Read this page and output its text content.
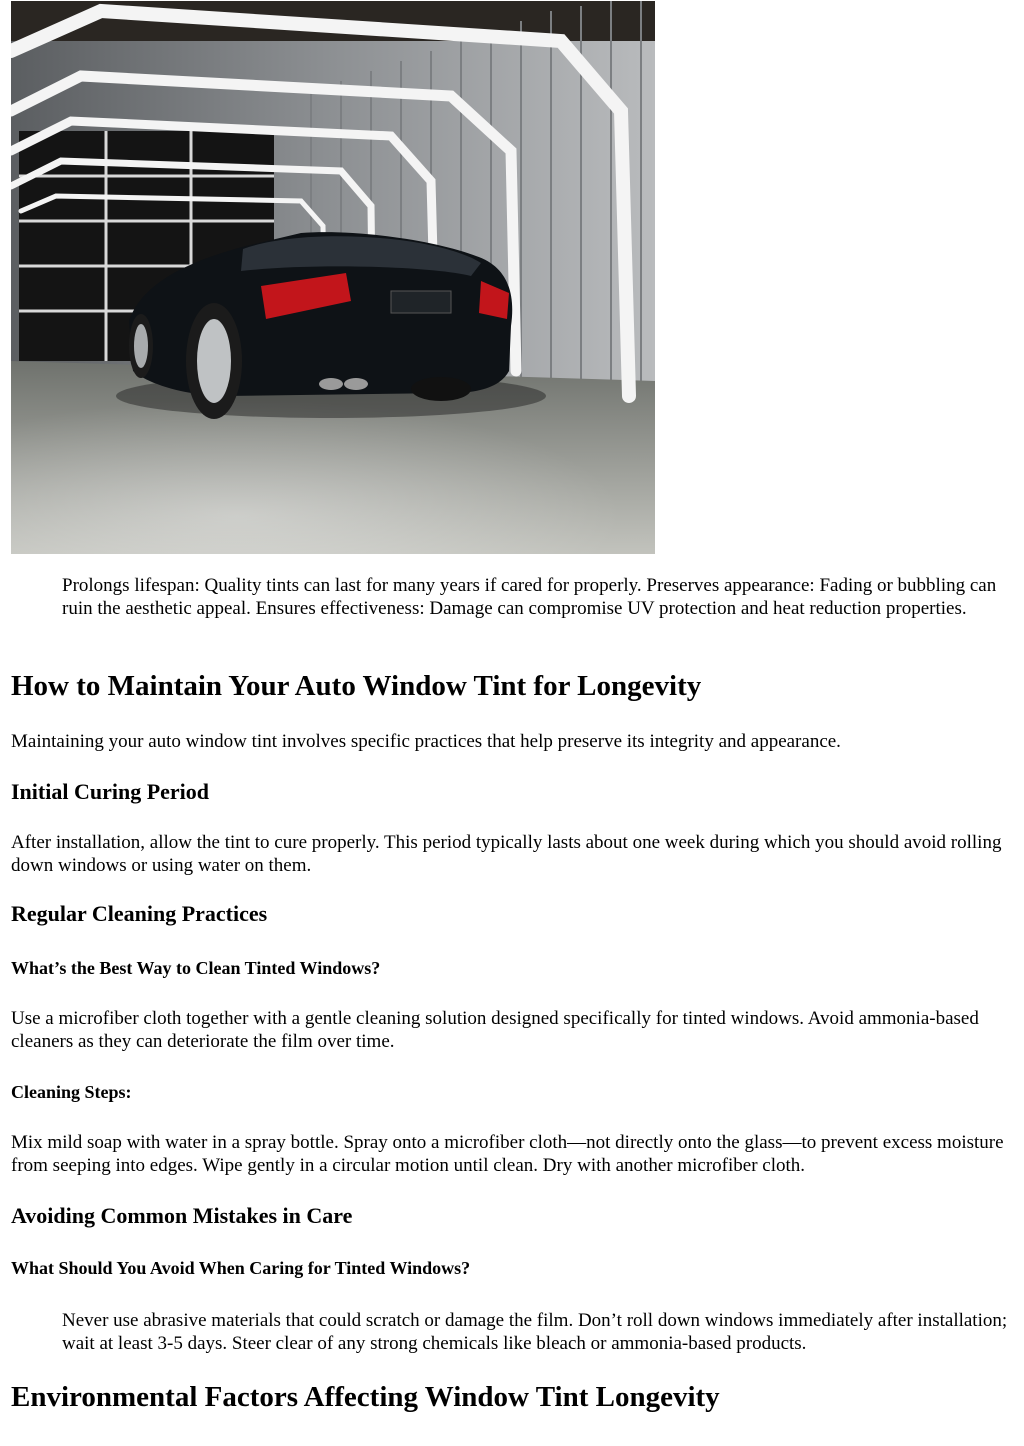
Prolongs lifespan: Quality tints can last for many years if cared for properly. Preserves appearance: Fading or bubbling can ruin the aesthetic appeal. Ensures effectiveness: Damage can compromise UV protection and heat reduction properties.

How to Maintain Your Auto Window Tint for Longevity

Maintaining your auto window tint involves specific practices that help preserve its integrity and appearance.

Initial Curing Period

After installation, allow the tint to cure properly. This period typically lasts about one week during which you should avoid rolling down windows or using water on them.

Regular Cleaning Practices
What’s the Best Way to Clean Tinted Windows?

Use a microfiber cloth together with a gentle cleaning solution designed specifically for tinted windows. Avoid ammonia-based cleaners as they can deteriorate the film over time.

Cleaning Steps:

Mix mild soap with water in a spray bottle. Spray onto a microfiber cloth—not directly onto the glass—to prevent excess moisture from seeping into edges. Wipe gently in a circular motion until clean. Dry with another microfiber cloth.

Avoiding Common Mistakes in Care
What Should You Avoid When Caring for Tinted Windows?

Never use abrasive materials that could scratch or damage the film. Don’t roll down windows immediately after installation; wait at least 3-5 days. Steer clear of any strong chemicals like bleach or ammonia-based products.

Environmental Factors Affecting Window Tint Longevity
